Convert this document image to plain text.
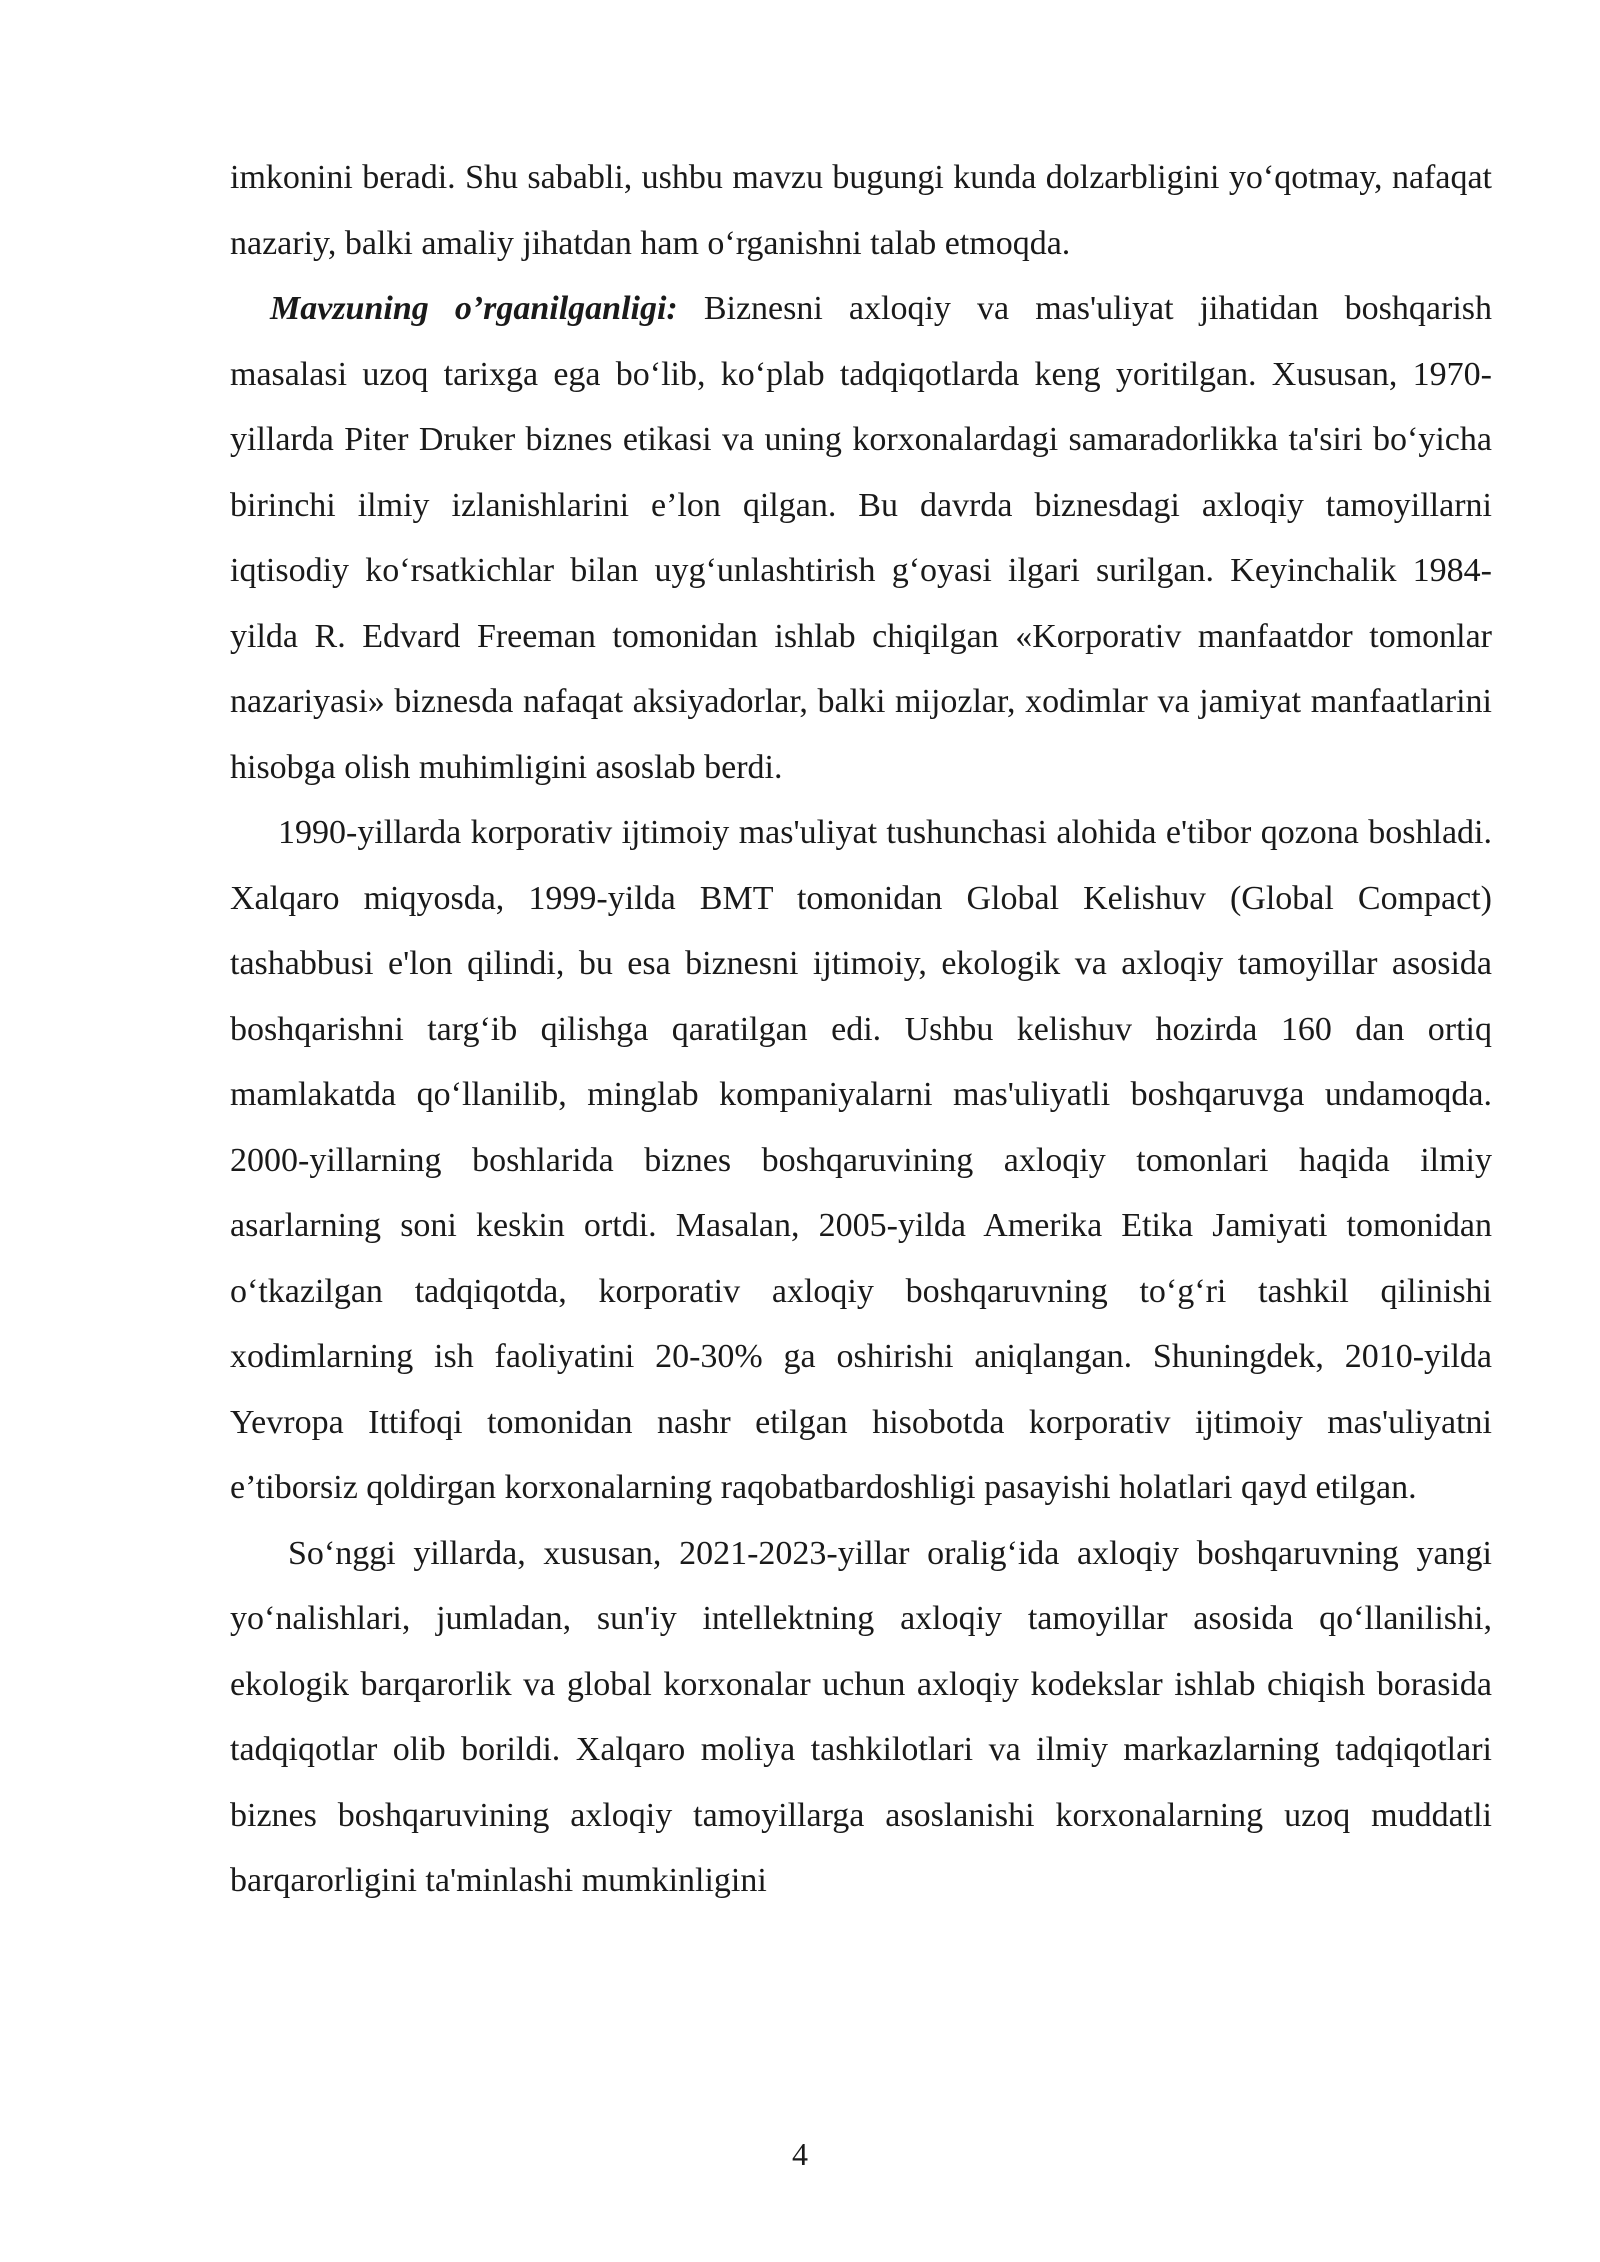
imkonini beradi. Shu sababli, ushbu mavzu bugungi kunda dolzarbligini yo‘qotmay, nafaqat nazariy, balki amaliy jihatdan ham o‘rganishni talab etmoqda.

Mavzuning o’rganilganligi: Biznesni axloqiy va mas'uliyat jihatidan boshqarish masalasi uzoq tarixga ega bo‘lib, ko‘plab tadqiqotlarda keng yoritilgan. Xususan, 1970-yillarda Piter Druker biznes etikasi va uning korxonalardagi samaradorlikka ta'siri bo‘yicha birinchi ilmiy izlanishlarini e’lon qilgan. Bu davrda biznesdagi axloqiy tamoyillarni iqtisodiy ko‘rsatkichlar bilan uyg‘unlashtirish g‘oyasi ilgari surilgan. Keyinchalik 1984-yilda R. Edvard Freeman tomonidan ishlab chiqilgan «Korporativ manfaatdor tomonlar nazariyasi» biznesda nafaqat aksiyadorlar, balki mijozlar, xodimlar va jamiyat manfaatlarini hisobga olish muhimligini asoslab berdi.

1990-yillarda korporativ ijtimoiy mas'uliyat tushunchasi alohida e'tibor qozona boshladi. Xalqaro miqyosda, 1999-yilda BMT tomonidan Global Kelishuv (Global Compact) tashabbusi e'lon qilindi, bu esa biznesni ijtimoiy, ekologik va axloqiy tamoyillar asosida boshqarishni targ‘ib qilishga qaratilgan edi. Ushbu kelishuv hozirda 160 dan ortiq mamlakatda qo‘llanilib, minglab kompaniyalarni mas'uliyatli boshqaruvga undamoqda. 2000-yillarning boshlarida biznes boshqaruvining axloqiy tomonlari haqida ilmiy asarlarning soni keskin ortdi. Masalan, 2005-yilda Amerika Etika Jamiyati tomonidan o‘tkazilgan tadqiqotda, korporativ axloqiy boshqaruvning to‘g‘ri tashkil qilinishi xodimlarning ish faoliyatini 20-30% ga oshirishi aniqlangan. Shuningdek, 2010-yilda Yevropa Ittifoqi tomonidan nashr etilgan hisobotda korporativ ijtimoiy mas'uliyatni e’tiborsiz qoldirgan korxonalarning raqobatbardoshligi pasayishi holatlari qayd etilgan.

So‘nggi yillarda, xususan, 2021-2023-yillar oralig‘ida axloqiy boshqaruvning yangi yo‘nalishlari, jumladan, sun'iy intellektning axloqiy tamoyillar asosida qo‘llanilishi, ekologik barqarorlik va global korxonalar uchun axloqiy kodekslar ishlab chiqish borasida tadqiqotlar olib borildi. Xalqaro moliya tashkilotlari va ilmiy markazlarning tadqiqotlari biznes boshqaruvining axloqiy tamoyillarga asoslanishi korxonalarning uzoq muddatli barqarorligini ta'minlashi mumkinligini

4
